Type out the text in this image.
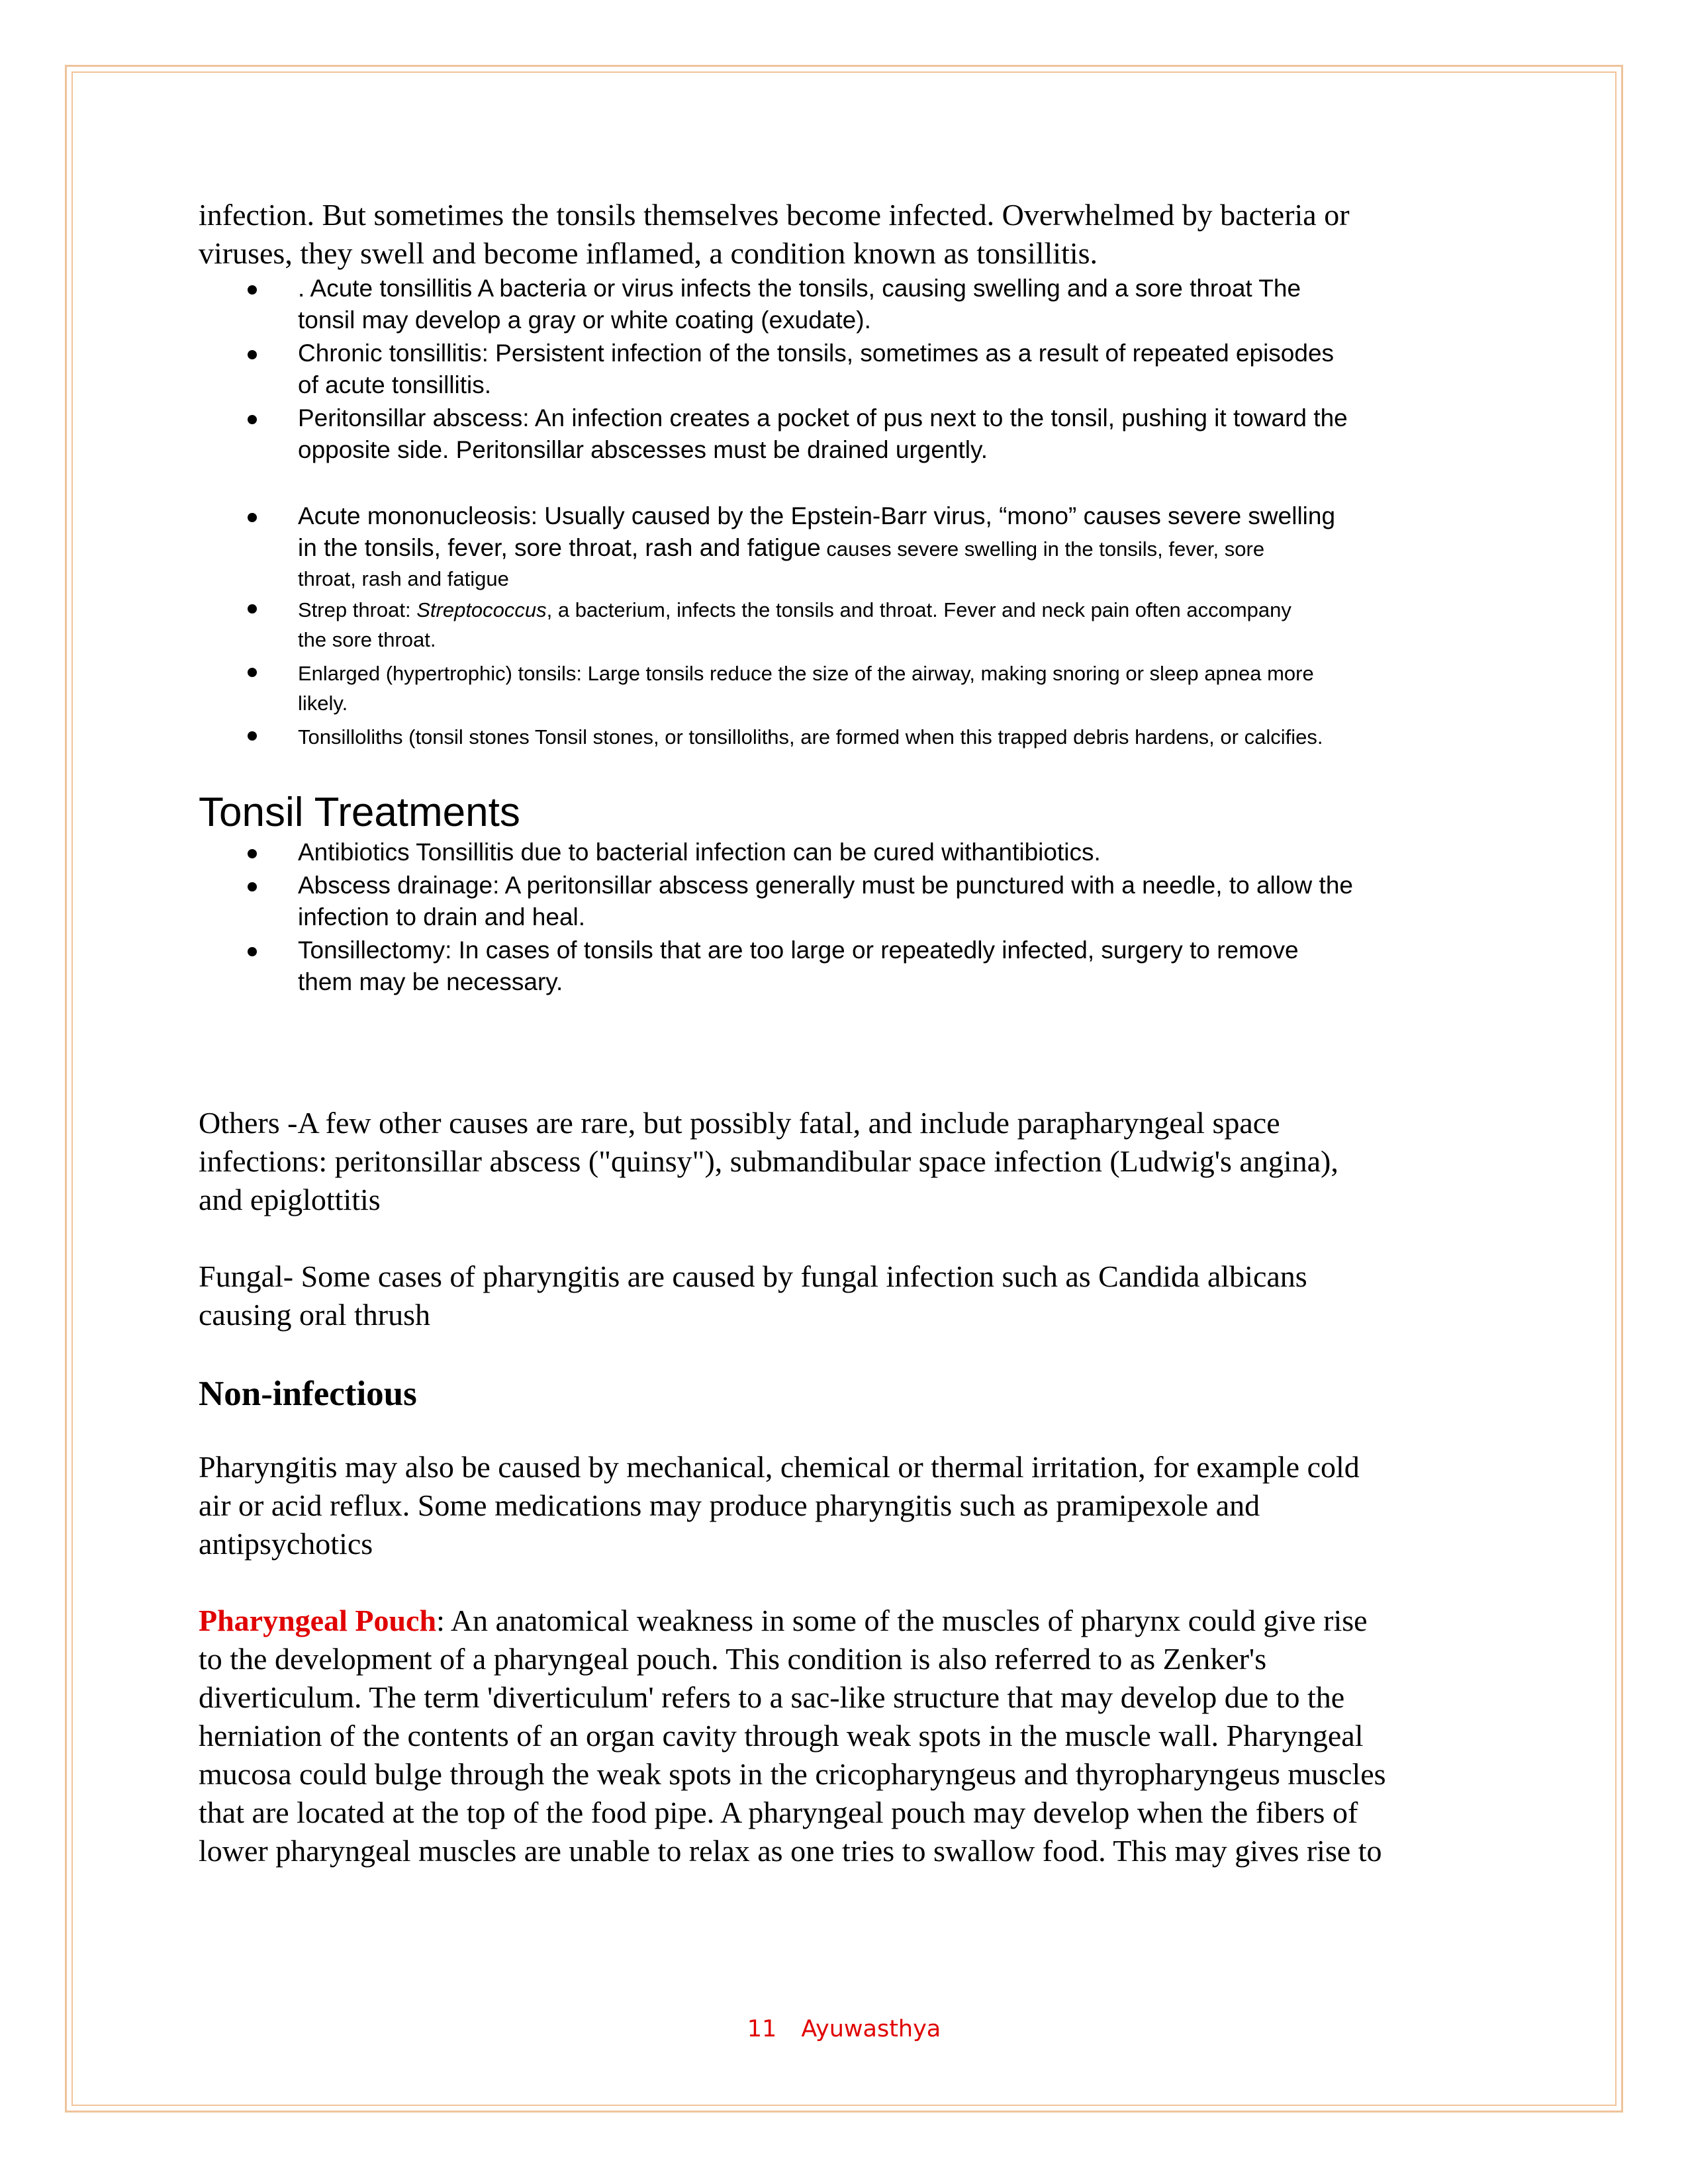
infection. But sometimes the tonsils themselves become infected. Overwhelmed by bacteria or

viruses, they swell and become inflamed, a condition known as tonsillitis.

. Acute tonsillitis A bacteria or virus infects the tonsils, causing swelling and a sore throat The
tonsil may develop a gray or white coating (exudate).
Chronic tonsillitis: Persistent infection of the tonsils, sometimes as a result of repeated episodes
of acute tonsillitis.
Peritonsillar abscess: An infection creates a pocket of pus next to the tonsil, pushing it toward the
opposite side. Peritonsillar abscesses must be drained urgently.
Acute mononucleosis: Usually caused by the Epstein-Barr virus, “mono” causes severe swelling
in the tonsils, fever, sore throat, rash and fatigue causes severe swelling in the tonsils, fever, sore
throat, rash and fatigue
Strep throat: Streptococcus, a bacterium, infects the tonsils and throat. Fever and neck pain often accompany
the sore throat.
Enlarged (hypertrophic) tonsils: Large tonsils reduce the size of the airway, making snoring or sleep apnea more
likely.
Tonsilloliths (tonsil stones Tonsil stones, or tonsilloliths, are formed when this trapped debris hardens, or calcifies.
Tonsil Treatments
Antibiotics Tonsillitis due to bacterial infection can be cured withantibiotics.
Abscess drainage: A peritonsillar abscess generally must be punctured with a needle, to allow the
infection to drain and heal.
Tonsillectomy: In cases of tonsils that are too large or repeatedly infected, surgery to remove
them may be necessary.

Others -A few other causes are rare, but possibly fatal, and include parapharyngeal space

infections: peritonsillar abscess ("quinsy"), submandibular space infection (Ludwig's angina),

and epiglottitis

Fungal- Some cases of pharyngitis are caused by fungal infection such as Candida albicans

causing oral thrush

Non-infectious

Pharyngitis may also be caused by mechanical, chemical or thermal irritation, for example cold

air or acid reflux. Some medications may produce pharyngitis such as pramipexole and

antipsychotics

Pharyngeal Pouch: An anatomical weakness in some of the muscles of pharynx could give rise

to the development of a pharyngeal pouch. This condition is also referred to as Zenker's

diverticulum. The term 'diverticulum' refers to a sac-like structure that may develop due to the

herniation of the contents of an organ cavity through weak spots in the muscle wall. Pharyngeal

mucosa could bulge through the weak spots in the cricopharyngeus and thyropharyngeus muscles

that are located at the top of the food pipe. A pharyngeal pouch may develop when the fibers of

lower pharyngeal muscles are unable to relax as one tries to swallow food. This may gives rise to

11 Ayuwasthya
